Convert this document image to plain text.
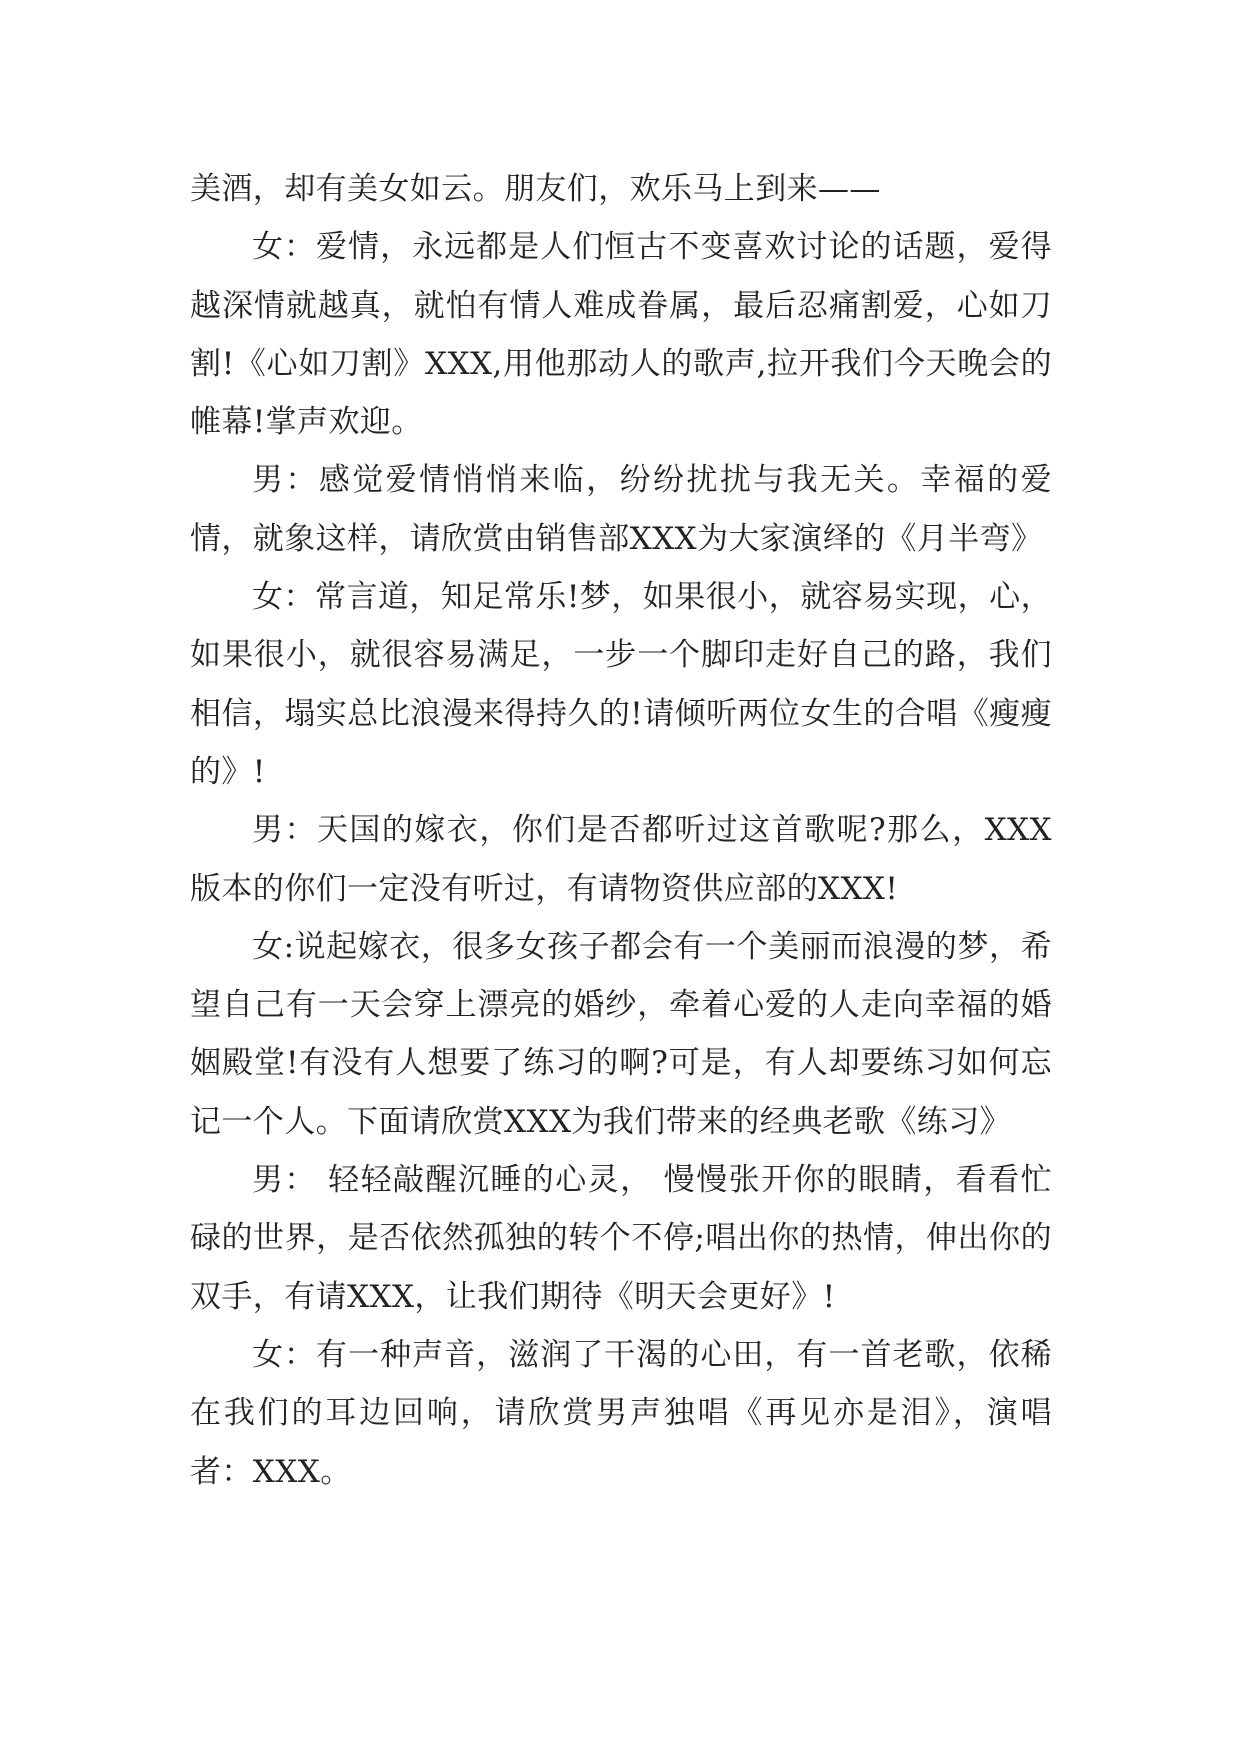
美酒，却有美女如云。朋友们，欢乐马上到来——

女：爱情，永远都是人们恒古不变喜欢讨论的话题，爱得越深情就越真，就怕有情人难成眷属，最后忍痛割爱，心如刀割!《心如刀割》XXX,用他那动人的歌声,拉开我们今天晚会的帷幕!掌声欢迎。

男：感觉爱情悄悄来临，纷纷扰扰与我无关。幸福的爱情，就象这样，请欣赏由销售部XXX为大家演绎的《月半弯》

女：常言道，知足常乐!梦，如果很小，就容易实现，心，如果很小，就很容易满足，一步一个脚印走好自己的路，我们相信，塌实总比浪漫来得持久的!请倾听两位女生的合唱《瘦瘦的》!

男：天国的嫁衣，你们是否都听过这首歌呢?那么，XXX版本的你们一定没有听过，有请物资供应部的XXX!

女:说起嫁衣，很多女孩子都会有一个美丽而浪漫的梦，希望自己有一天会穿上漂亮的婚纱，牵着心爱的人走向幸福的婚姻殿堂!有没有人想要了练习的啊?可是，有人却要练习如何忘记一个人。下面请欣赏XXX为我们带来的经典老歌《练习》

男： 轻轻敲醒沉睡的心灵， 慢慢张开你的眼睛，看看忙碌的世界，是否依然孤独的转个不停;唱出你的热情，伸出你的双手，有请XXX，让我们期待《明天会更好》!

女：有一种声音，滋润了干渴的心田，有一首老歌，依稀在我们的耳边回响，请欣赏男声独唱《再见亦是泪》，演唱者：XXX。
